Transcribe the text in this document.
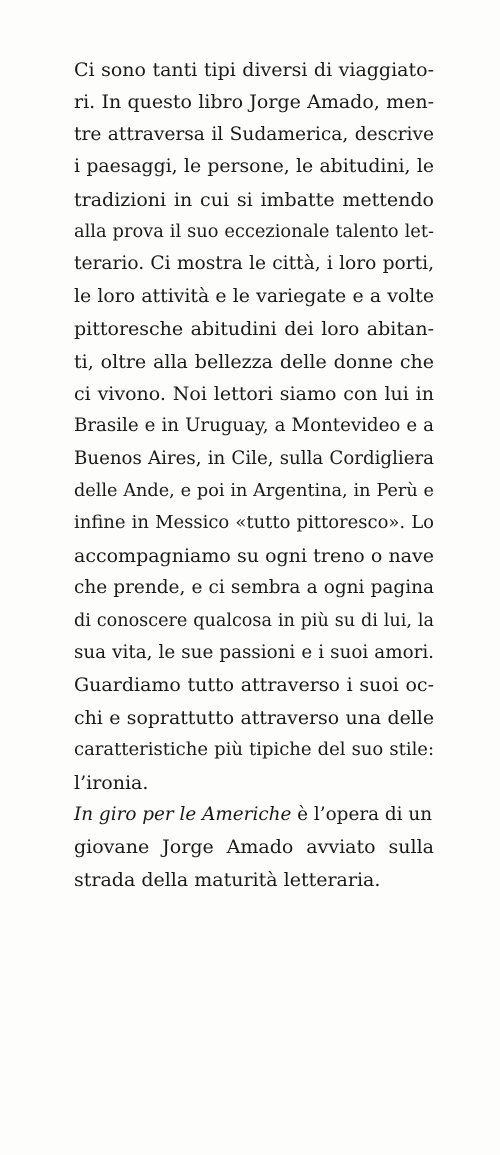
Ci sono tanti tipi diversi di viaggiato-
ri. In questo libro Jorge Amado, men-
tre attraversa il Sudamerica, descrive
i paesaggi, le persone, le abitudini, le
tradizioni in cui si imbatte mettendo
alla prova il suo eccezionale talento let-
terario. Ci mostra le città, i loro porti,
le loro attività e le variegate e a volte
pittoresche abitudini dei loro abitan-
ti, oltre alla bellezza delle donne che
ci vivono. Noi lettori siamo con lui in
Brasile e in Uruguay, a Montevideo e a
Buenos Aires, in Cile, sulla Cordigliera
delle Ande, e poi in Argentina, in Perù e
infine in Messico «tutto pittoresco». Lo
accompagniamo su ogni treno o nave
che prende, e ci sembra a ogni pagina
di conoscere qualcosa in più su di lui, la
sua vita, le sue passioni e i suoi amori.
Guardiamo tutto attraverso i suoi oc-
chi e soprattutto attraverso una delle
caratteristiche più tipiche del suo stile:
l’ironia.
In giro per le Americhe è l’opera di un
giovane Jorge Amado avviato sulla
strada della maturità letteraria.
